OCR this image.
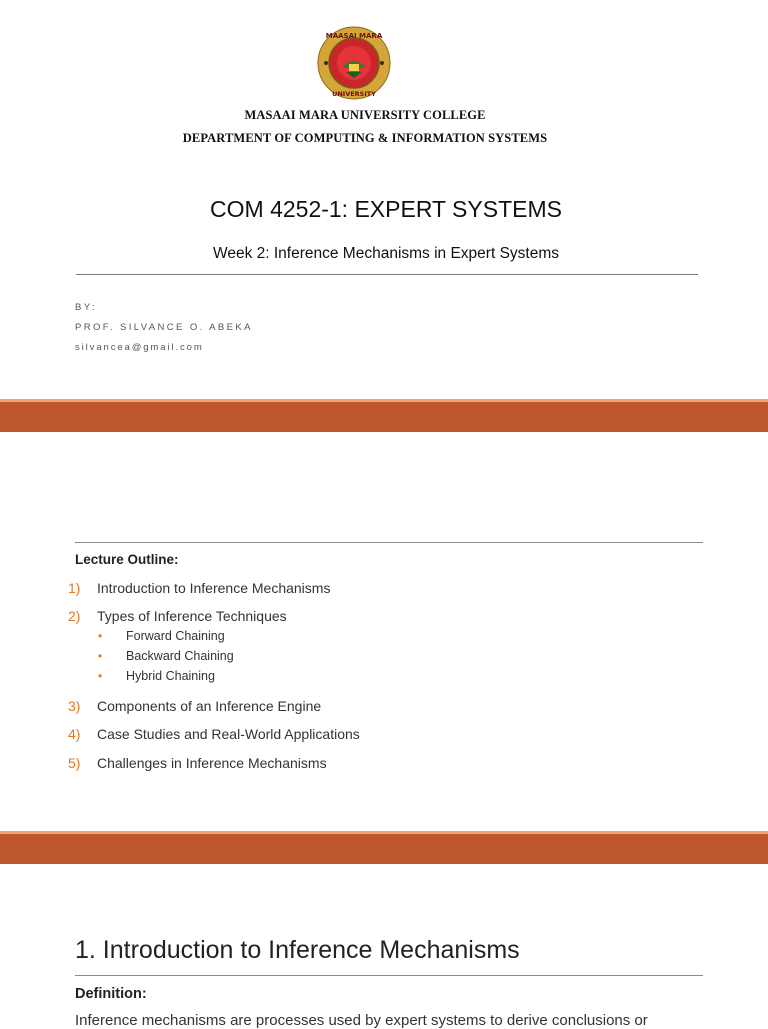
MAASAI MARA
UNIVERSITY
MASAAI MARA UNIVERSITY COLLEGE
DEPARTMENT OF COMPUTING & INFORMATION SYSTEMS
COM 4252-1: EXPERT SYSTEMS
Week 2: Inference Mechanisms in Expert Systems
BY:
PROF. SILVANCE O. ABEKA
silvancea@gmail.com
Lecture Outline:
1) Introduction to Inference Mechanisms
2) Types of Inference Techniques
• Forward Chaining
• Backward Chaining
• Hybrid Chaining
3) Components of an Inference Engine
4) Case Studies and Real-World Applications
5) Challenges in Inference Mechanisms
1. Introduction to Inference Mechanisms
Definition:
Inference mechanisms are processes used by expert systems to derive conclusions or
